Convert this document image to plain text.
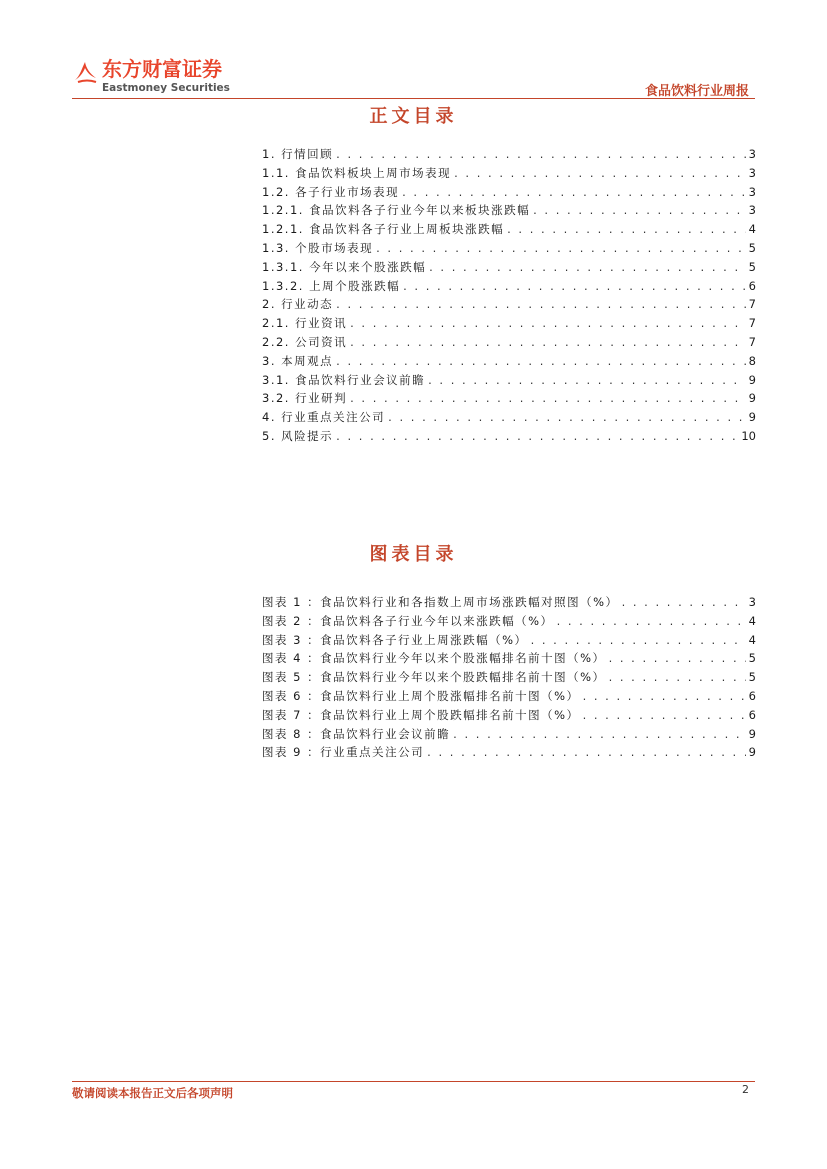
东方财富证券
Eastmoney Securities	食品饮料行业周报
正文目录
1. 行情回顾 . . .	3
1.1. 食品饮料板块上周市场表现 . . .	3
1.2. 各子行业市场表现 . . .	3
1.2.1. 食品饮料各子行业今年以来板块涨跌幅 . . .	3
1.2.1. 食品饮料各子行业上周板块涨跌幅 . . .	4
1.3. 个股市场表现 . . .	5
1.3.1. 今年以来个股涨跌幅 . . .	5
1.3.2. 上周个股涨跌幅 . . .	6
2. 行业动态 . . .	7
2.1. 行业资讯 . . .	7
2.2. 公司资讯 . . .	7
3. 本周观点 . . .	8
3.1. 食品饮料行业会议前瞻 . . .	9
3.2. 行业研判 . . .	9
4. 行业重点关注公司 . . .	9
5. 风险提示 . . .	10
图表目录
图表 1 ：食品饮料行业和各指数上周市场涨跌幅对照图（%） . . .	3
图表 2 ：食品饮料各子行业今年以来涨跌幅（%） . . .	4
图表 3 ：食品饮料各子行业上周涨跌幅（%） . . .	4
图表 4 ：食品饮料行业今年以来个股涨幅排名前十图（%） . . .	5
图表 5 ：食品饮料行业今年以来个股跌幅排名前十图（%） . . .	5
图表 6 ：食品饮料行业上周个股涨幅排名前十图（%） . . .	6
图表 7 ：食品饮料行业上周个股跌幅排名前十图（%） . . .	6
图表 8 ：食品饮料行业会议前瞻 . . .	9
图表 9 ：行业重点关注公司 . . .	9
敬请阅读本报告正文后各项声明	2
